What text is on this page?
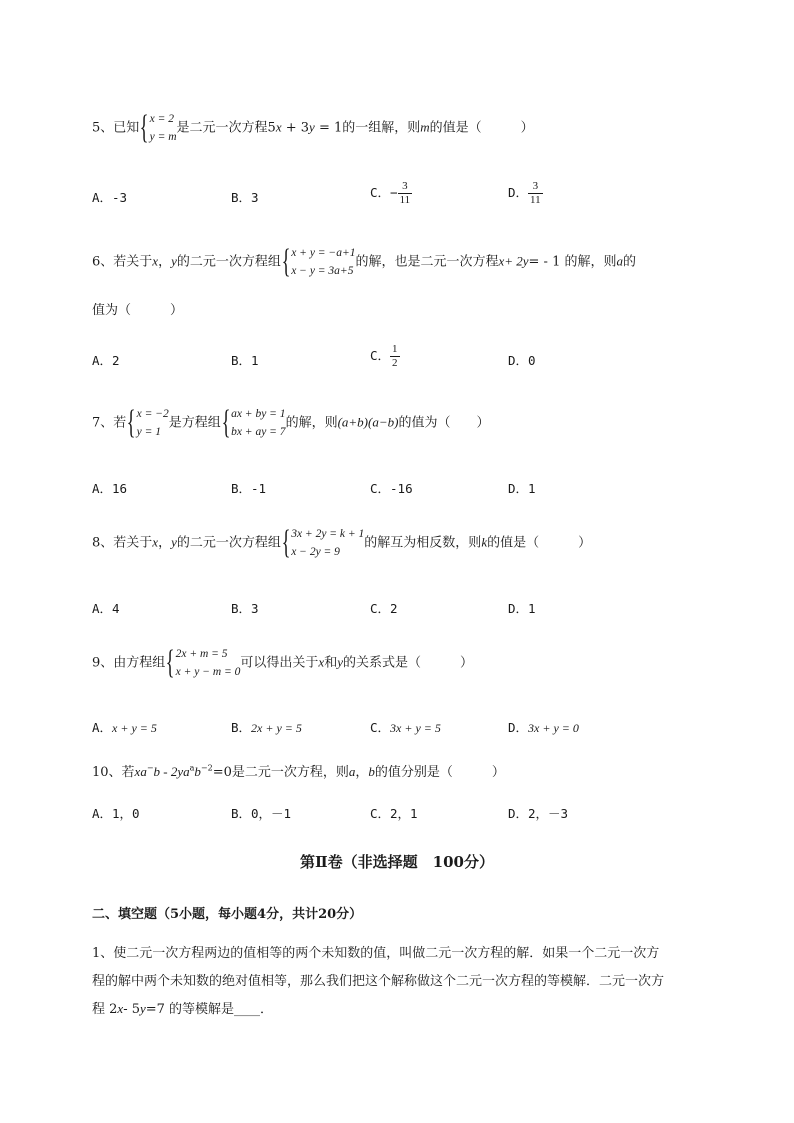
5、已知{ x = 2
y = m
是二元一次方程5x + 3y = 1的一组解，则m的值是（　　　）
A．-3	B．3	C．− $\frac{3}{11}$	D． $\frac{3}{11}$
6、若关于x，y的二元一次方程组{ x + y = −a+1
x − y = 3a+5
的解，也是二元一次方程x+ 2y= - 1 的解，则a的
值为（　　　）
A．2	B．1	C． $\frac{1}{2}$	D．0
7、若{ x = −2
y = 1
是方程组{ ax + by = 1
bx + ay = 7
的解，则(a+b)(a−b)的值为（　　）
A．16	B．-1	C．-16	D．1
8、若关于x，y的二元一次方程组{ 3x + 2y = k + 1
x − 2y = 9
的解互为相反数，则k的值是（　　　）
A．4	B．3	C．2	D．1
9、由方程组{ 2x + m = 5
x + y − m = 0
可以得出关于x和y的关系式是（　　　）
A．x + y = 5	B．2x + y = 5	C．3x + y = 5	D．3x + y = 0
10、若$xa^-b - 2ya^ab^{-2}=0$是二元一次方程，则a，b的值分别是（　　　）
A．1，0	B．0，－1	C．2，1	D．2，－3
第Ⅱ卷（非选择题　100分）
二、填空题（5小题，每小题4分，共计20分）
1、使二元一次方程两边的值相等的两个未知数的值，叫做二元一次方程的解．如果一个二元一次方
程的解中两个未知数的绝对值相等，那么我们把这个解称做这个二元一次方程的等模解．二元一次方
程 2x- 5y=7 的等模解是____．
